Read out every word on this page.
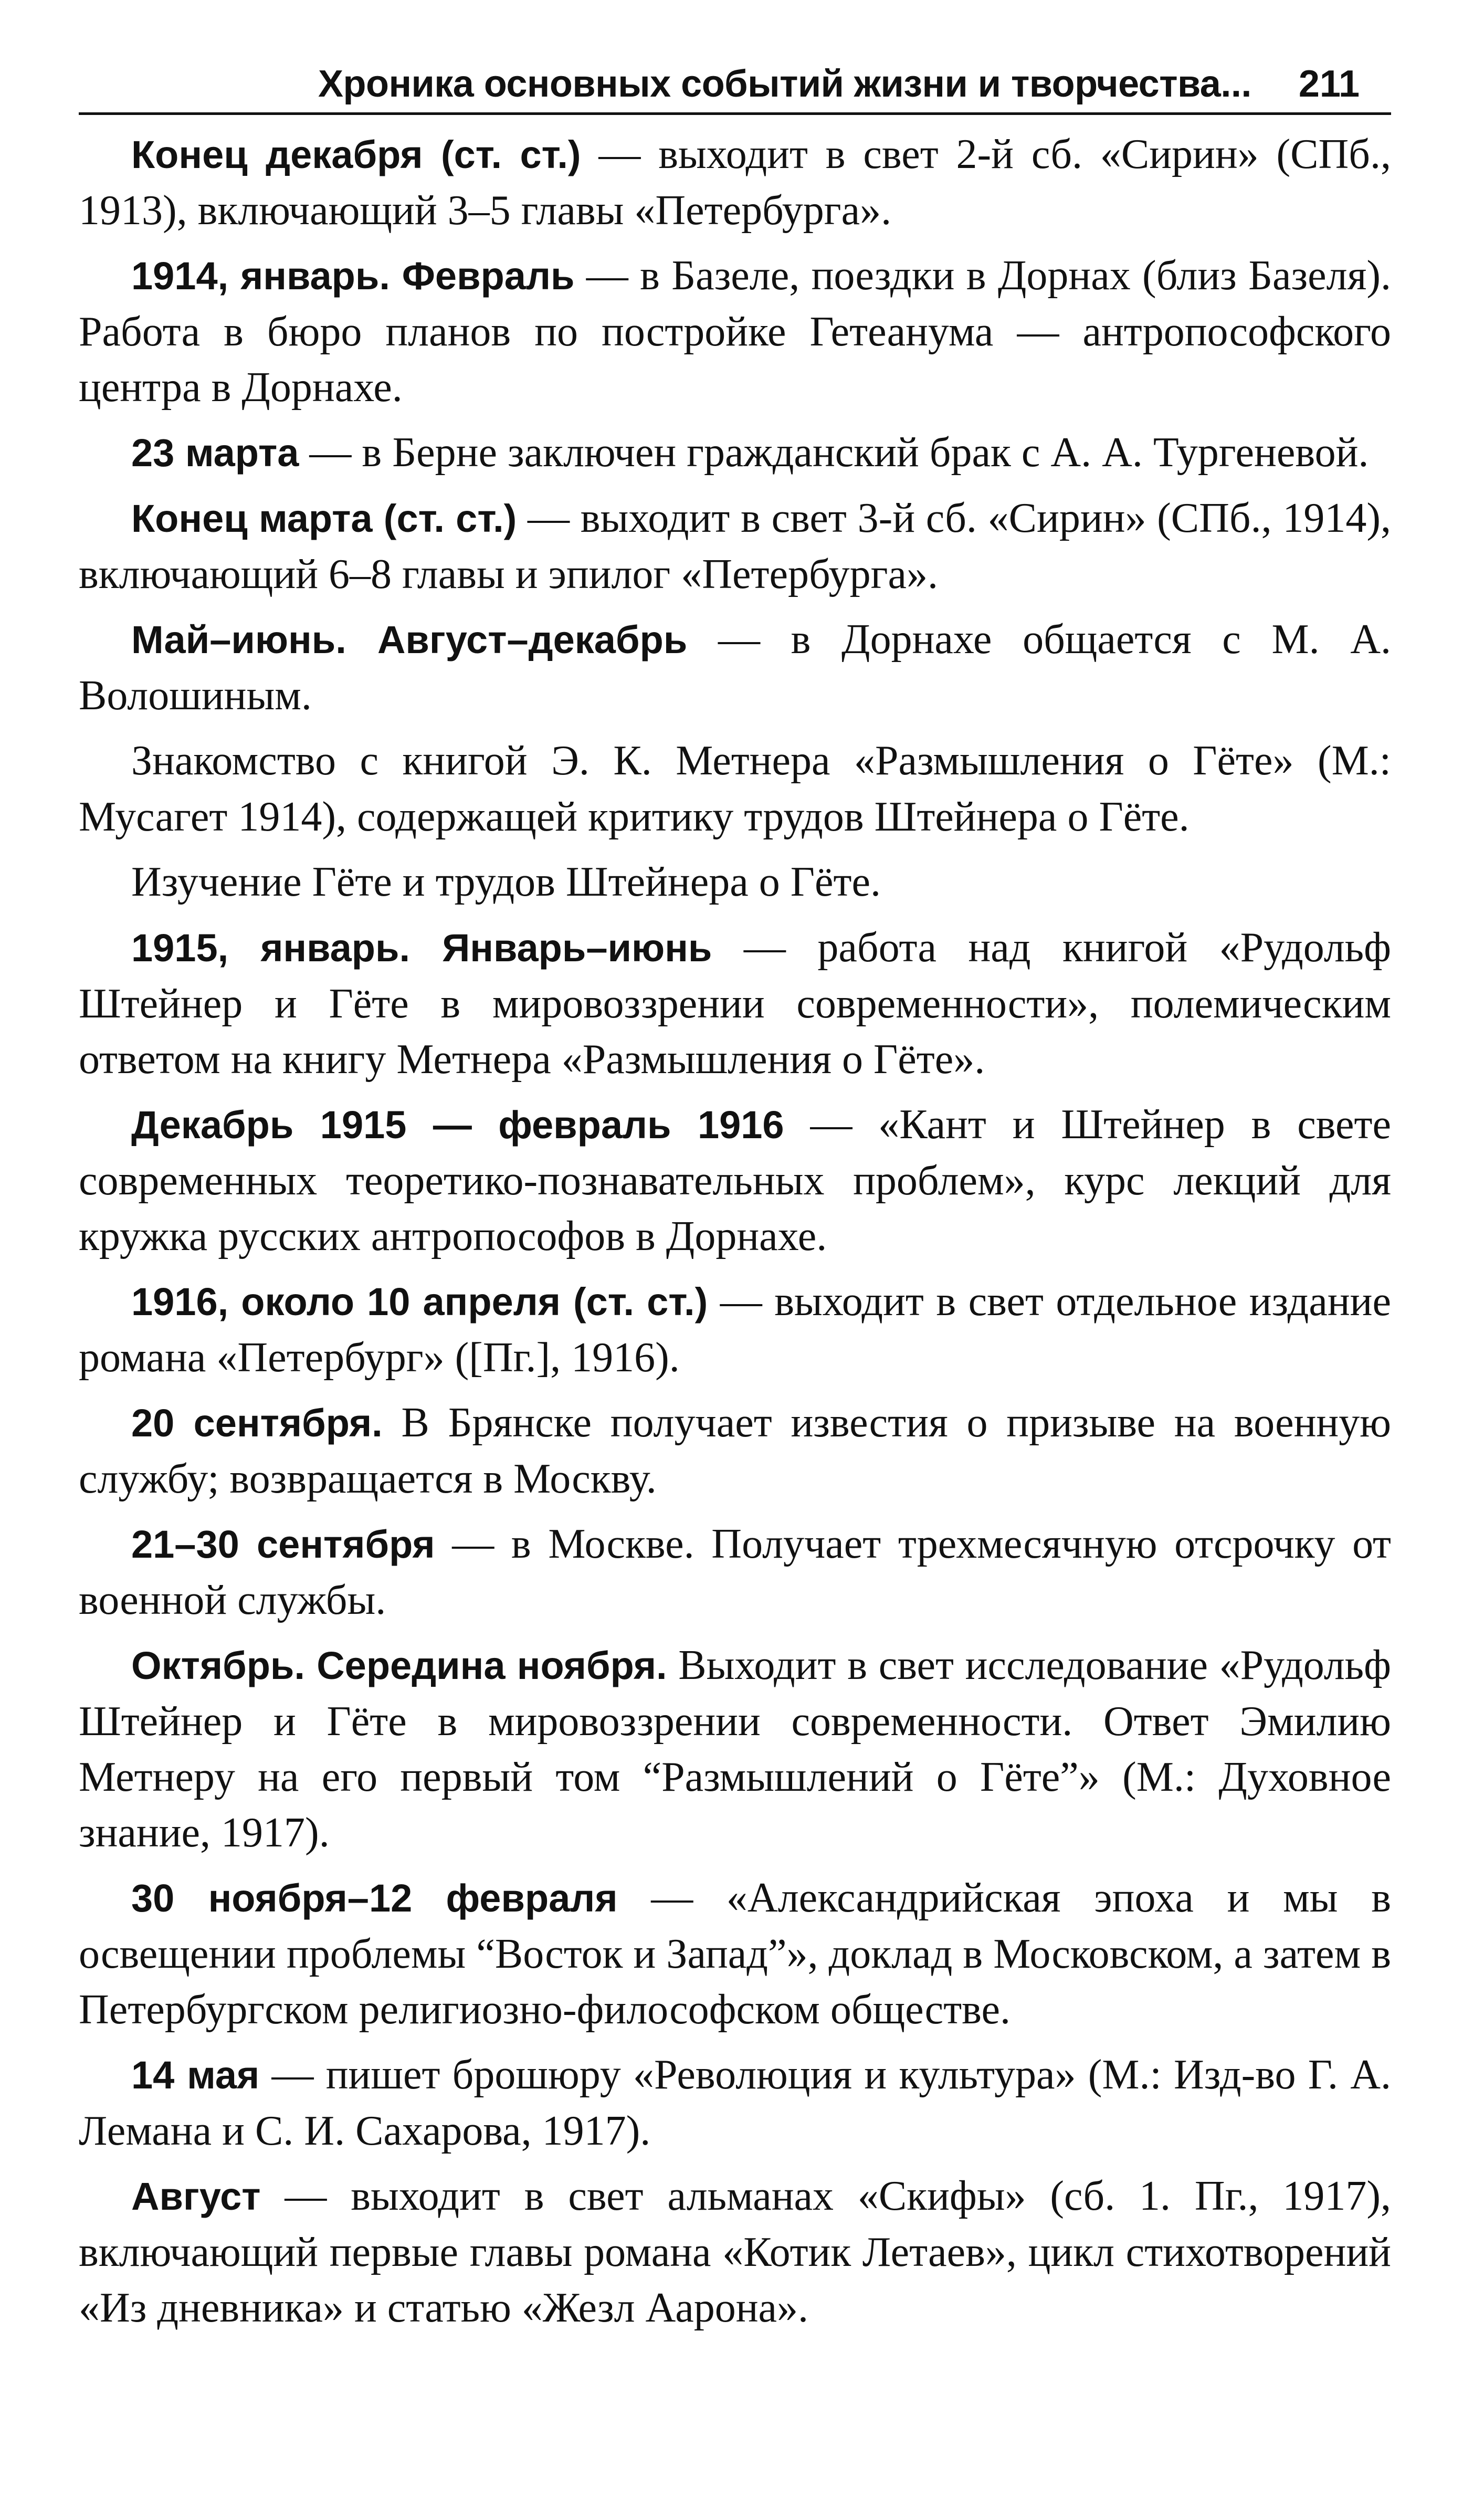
Хроника основных событий жизни и творчества... 211

Конец декабря (ст. ст.) — выходит в свет 2-й сб. «Сирин» (СПб., 1913), включающий 3–5 главы «Петербурга».

1914, январь. Февраль — в Базеле, поездки в Дорнах (близ Базеля). Работа в бюро планов по постройке Гетеанума — антропософского центра в Дорнахе.

23 марта — в Берне заключен гражданский брак с А. А. Тургеневой.

Конец марта (ст. ст.) — выходит в свет 3-й сб. «Сирин» (СПб., 1914), включающий 6–8 главы и эпилог «Петербурга».

Май–июнь. Август–декабрь — в Дорнахе общается с М. А. Волошиным.

Знакомство с книгой Э. К. Метнера «Размышления о Гёте» (М.: Мусагет 1914), содержащей критику трудов Штейнера о Гёте.

Изучение Гёте и трудов Штейнера о Гёте.

1915, январь. Январь–июнь — работа над книгой «Рудольф Штейнер и Гёте в мировоззрении современности», полемическим ответом на книгу Метнера «Размышления о Гёте».

Декабрь 1915 — февраль 1916 — «Кант и Штейнер в свете современных теоретико-познавательных проблем», курс лекций для кружка русских антропософов в Дорнахе.

1916, около 10 апреля (ст. ст.) — выходит в свет отдельное издание романа «Петербург» ([Пг.], 1916).

20 сентября. В Брянске получает известия о призыве на военную службу; возвращается в Москву.

21–30 сентября — в Москве. Получает трехмесячную отсрочку от военной службы.

Октябрь. Середина ноября. Выходит в свет исследование «Рудольф Штейнер и Гёте в мировоззрении современности. Ответ Эмилию Метнеру на его первый том “Размышлений о Гёте”» (М.: Духовное знание, 1917).

30 ноября–12 февраля — «Александрийская эпоха и мы в освещении проблемы “Восток и Запад”», доклад в Московском, а затем в Петербургском религиозно-философском обществе.

14 мая — пишет брошюру «Революция и культура» (М.: Изд-во Г. А. Лемана и С. И. Сахарова, 1917).

Август — выходит в свет альманах «Скифы» (сб. 1. Пг., 1917), включающий первые главы романа «Котик Летаев», цикл стихотворений «Из дневника» и статью «Жезл Аарона».
